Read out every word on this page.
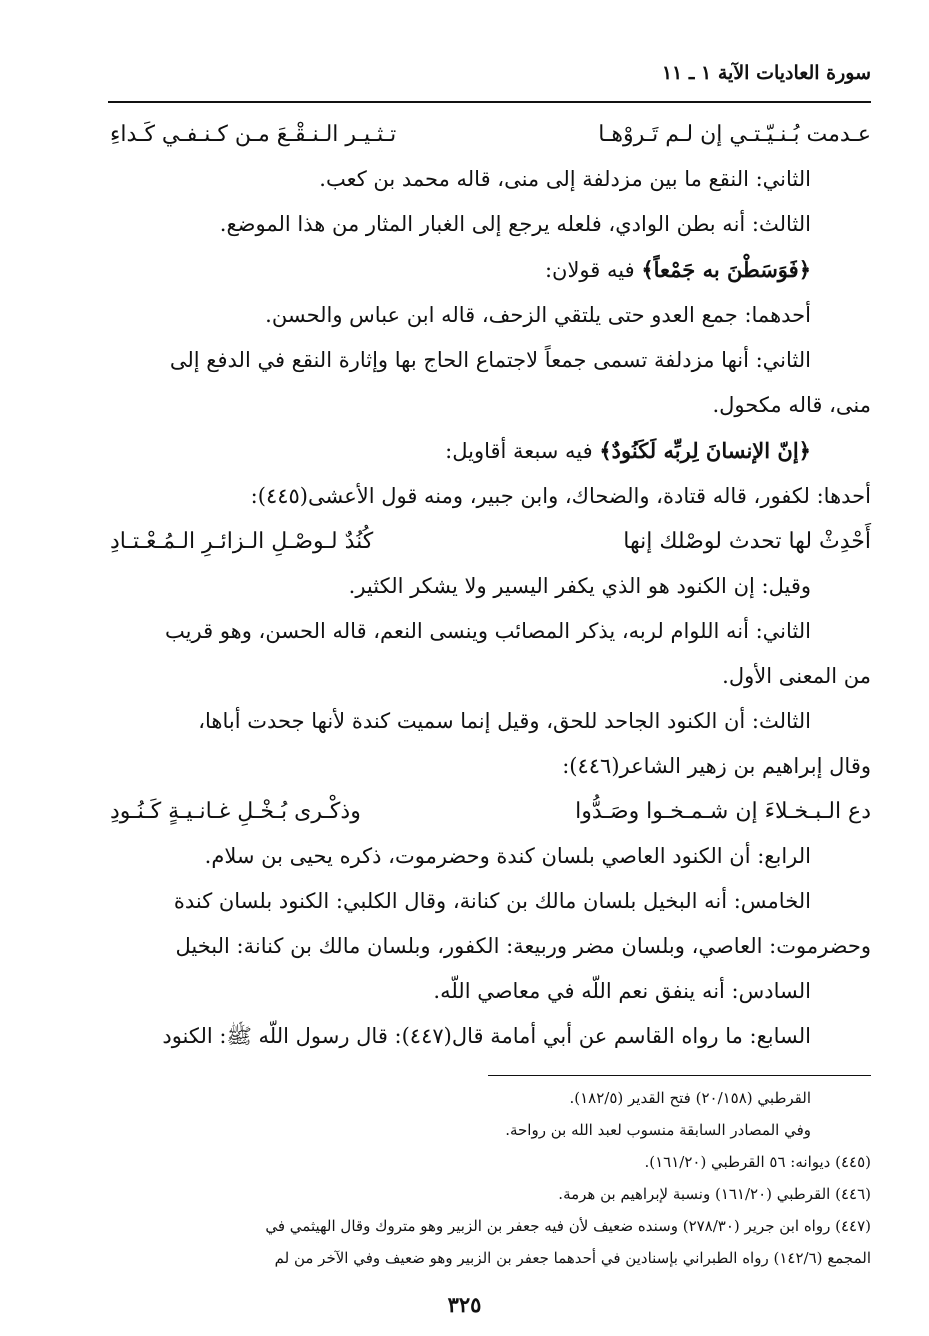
سورة العاديات الآية ١ ـ ١١

عـدمت بُـنـيّـتـي إن لـم تَـروْهـا
تـثـيـر الـنـقْـعَ مـن كـنـفـي كَـداءِ

الثاني: النقع ما بين مزدلفة إلى منى، قاله محمد بن كعب.

الثالث: أنه بطن الوادي، فلعله يرجع إلى الغبار المثار من هذا الموضع.

﴿فَوَسَطْنَ به جَمْعاً﴾ فيه قولان:

أحدهما: جمع العدو حتى يلتقي الزحف، قاله ابن عباس والحسن.

الثاني: أنها مزدلفة تسمى جمعاً لاجتماع الحاج بها وإثارة النقع في الدفع إلى

منى، قاله مكحول.

﴿إنّ الإنسانَ لِربِّه لَكَنُودٌ﴾ فيه سبعة أقاويل:

أحدها: لكفور، قاله قتادة، والضحاك، وابن جبير، ومنه قول الأعشى(٤٤٥):

أَحْدِثْ لها تحدث لوصْلك إنها
كُنُدٌ لـوصْـلِ الـزائـرِ الـمُـعْـتـادِ

وقيل: إن الكنود هو الذي يكفر اليسير ولا يشكر الكثير.

الثاني: أنه اللوام لربه، يذكر المصائب وينسى النعم، قاله الحسن، وهو قريب

من المعنى الأول.

الثالث: أن الكنود الجاحد للحق، وقيل إنما سميت كندة لأنها جحدت أباها،

وقال إبراهيم بن زهير الشاعر(٤٤٦):

دع الـبـخـلاءَ إن شـمـخـوا وصَـدُّوا
وذكْـرى بُـخْـلِ غـانـيـةٍ كَـنُـودِ

الرابع: أن الكنود العاصي بلسان كندة وحضرموت، ذكره يحيى بن سلام.

الخامس: أنه البخيل بلسان مالك بن كنانة، وقال الكلبي: الكنود بلسان كندة

وحضرموت: العاصي، وبلسان مضر وربيعة: الكفور، وبلسان مالك بن كنانة: البخيل

السادس: أنه ينفق نعم اللّه في معاصي اللّه.

السابع: ما رواه القاسم عن أبي أمامة قال(٤٤٧): قال رسول اللّه ﷺ: الكنود

القرطبي (٢٠/١٥٨) فتح القدير (١٨٢/٥).

وفي المصادر السابقة منسوب لعبد الله بن رواحة.

(٤٤٥) ديوانه: ٥٦ القرطبي (١٦١/٢٠).

(٤٤٦) القرطبي (١٦١/٢٠) ونسبة لإبراهيم بن هرمة.

(٤٤٧) رواه ابن جرير (٢٧٨/٣٠) وسنده ضعيف لأن فيه جعفر بن الزبير وهو متروك وقال الهيثمي في

المجمع (١٤٢/٦) رواه الطبراني بإسنادين في أحدهما جعفر بن الزبير وهو ضعيف وفي الآخر من لم

٣٢٥
